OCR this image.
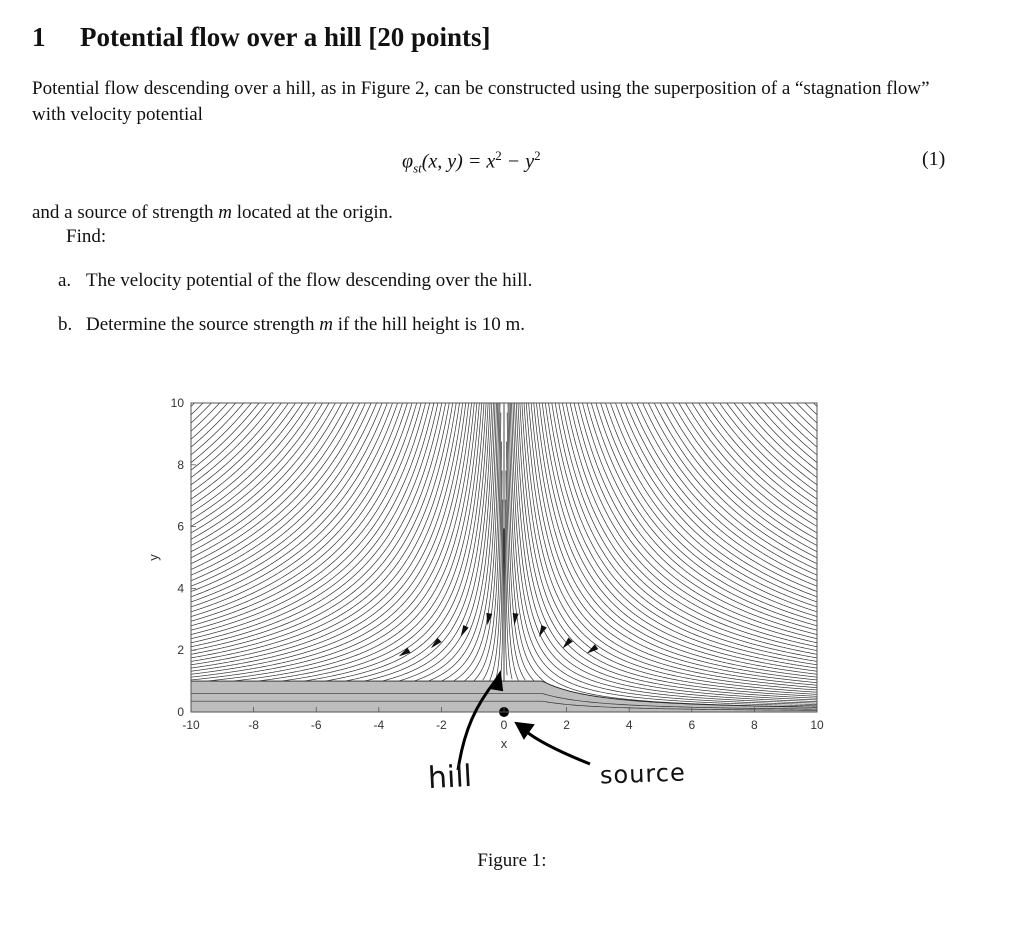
1 Potential flow over a hill [20 points]
Potential flow descending over a hill, as in Figure 2, can be constructed using the superposition of a “stagnation flow” with velocity potential
$\varphi_{st}(x$, $y) = x^2 - y^2$	(1)
and a source of strength m located at the origin.
Find:
a. The velocity potential of the flow descending over the hill.
b. Determine the source strength m if the hill height is 10 m.
-10	-8	-6	-4	-2	0	2	4	6	8	10
0
2
4
6
8
10
x
y
hill	source
Figure 1:
